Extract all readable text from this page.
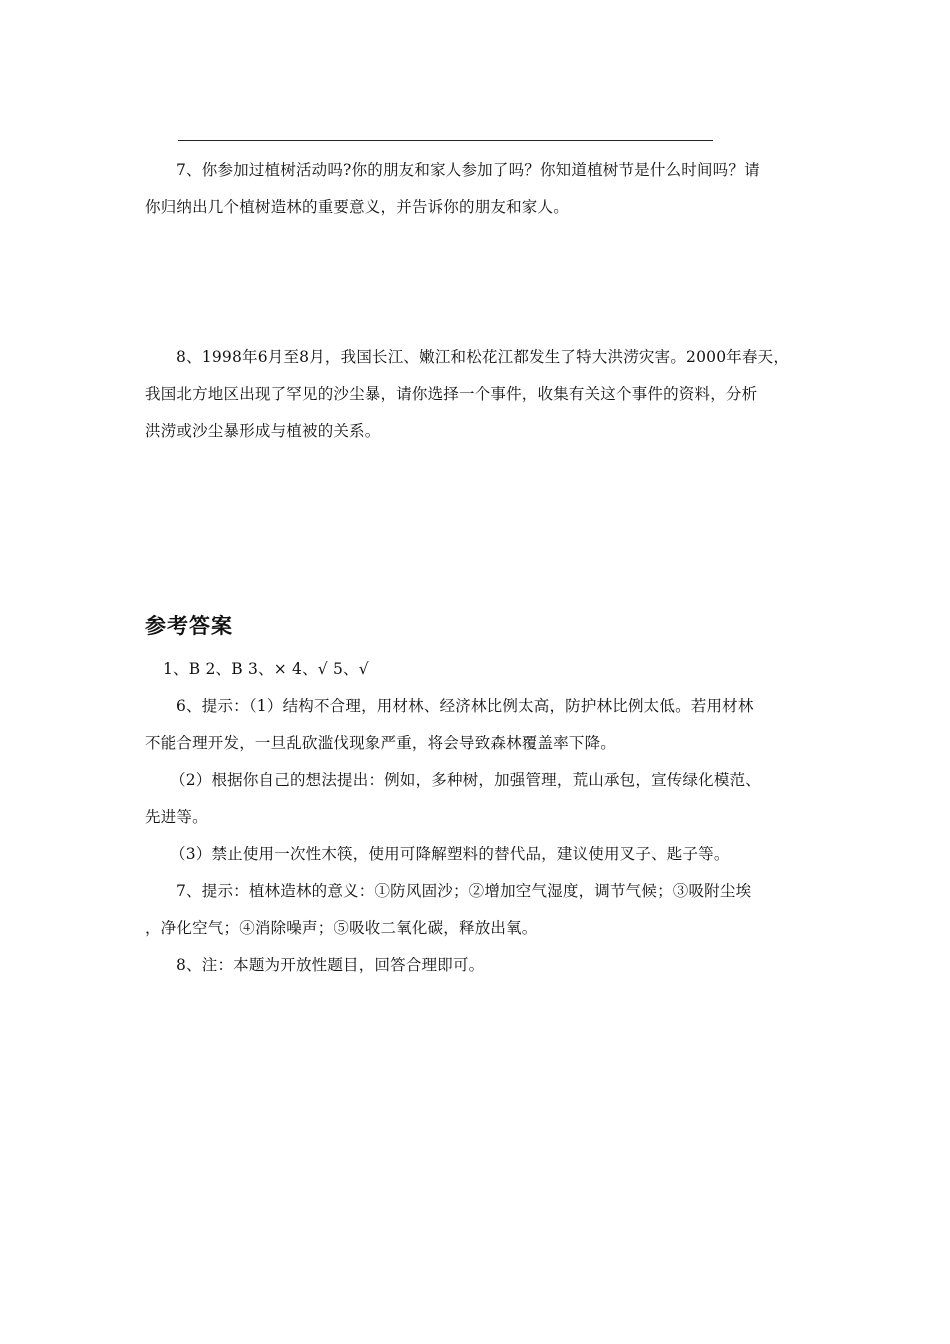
7、你参加过植树活动吗?你的朋友和家人参加了吗？你知道植树节是什么时间吗？请
你归纳出几个植树造林的重要意义，并告诉你的朋友和家人。
8、1998年6月至8月，我国长江、嫩江和松花江都发生了特大洪涝灾害。2000年春天，
我国北方地区出现了罕见的沙尘暴，请你选择一个事件，收集有关这个事件的资料，分析
洪涝或沙尘暴形成与植被的关系。
参考答案
1、B 2、B 3、× 4、√ 5、√
6、提示：（1）结构不合理，用材林、经济林比例太高，防护林比例太低。若用材林
不能合理开发，一旦乱砍滥伐现象严重，将会导致森林覆盖率下降。
（2）根据你自己的想法提出：例如，多种树，加强管理，荒山承包，宣传绿化模范、
先进等。
（3）禁止使用一次性木筷，使用可降解塑料的替代品，建议使用叉子、匙子等。
7、提示：植林造林的意义：①防风固沙；②增加空气湿度，调节气候；③吸附尘埃
，净化空气；④消除噪声；⑤吸收二氧化碳，释放出氧。
8、注：本题为开放性题目，回答合理即可。
